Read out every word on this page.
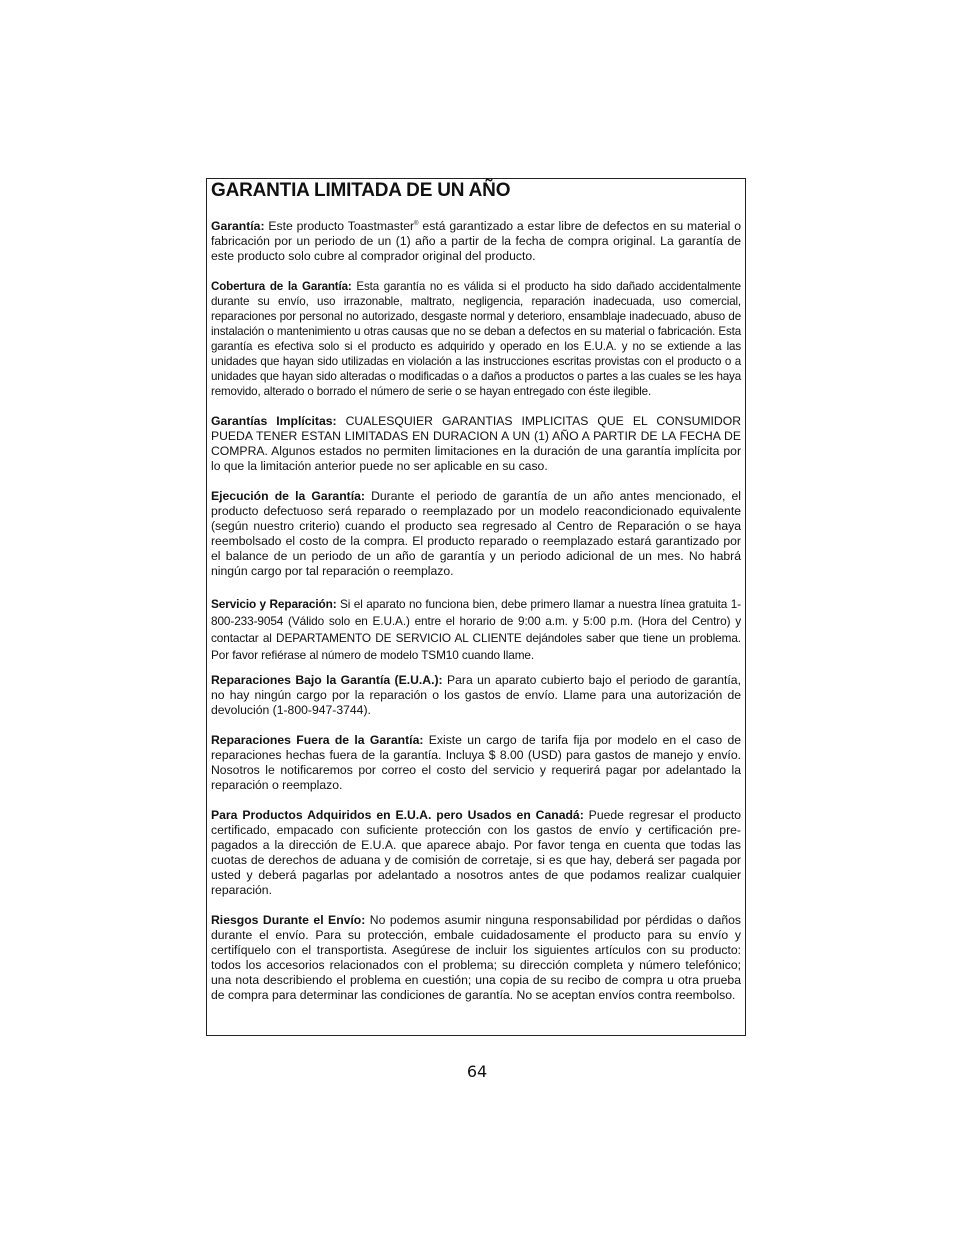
GARANTIA LIMITADA DE UN AÑO

Garantía: Este producto Toastmaster® está garantizado a estar libre de defectos en su material o fabricación por un periodo de un (1) año a partir de la fecha de compra original. La garantía de este producto solo cubre al comprador original del producto.

Cobertura de la Garantía: Esta garantía no es válida si el producto ha sido dañado accidentalmente durante su envío, uso irrazonable, maltrato, negligencia, reparación inadecuada, uso comercial, reparaciones por personal no autorizado, desgaste normal y deterioro, ensamblaje inadecuado, abuso de instalación o mantenimiento u otras causas que no se deban a defectos en su material o fabricación. Esta garantía es efectiva solo si el producto es adquirido y operado en los E.U.A. y no se extiende a las unidades que hayan sido utilizadas en violación a las instrucciones escritas provistas con el producto o a unidades que hayan sido alteradas o modificadas o a daños a productos o partes a las cuales se les haya removido, alterado o borrado el número de serie o se hayan entregado con éste ilegible.

Garantías Implícitas: CUALESQUIER GARANTIAS IMPLICITAS QUE EL CONSUMIDOR PUEDA TENER ESTAN LIMITADAS EN DURACION A UN (1) AÑO A PARTIR DE LA FECHA DE COMPRA. Algunos estados no permiten limitaciones en la duración de una garantía implícita por lo que la limitación anterior puede no ser aplicable en su caso.

Ejecución de la Garantía: Durante el periodo de garantía de un año antes mencionado, el producto defectuoso será reparado o reemplazado por un modelo reacondicionado equivalente (según nuestro criterio) cuando el producto sea regresado al Centro de Reparación o se haya reembolsado el costo de la compra. El producto reparado o reemplazado estará garantizado por el balance de un periodo de un año de garantía y un periodo adicional de un mes. No habrá ningún cargo por tal reparación o reemplazo.

Servicio y Reparación: Si el aparato no funciona bien, debe primero llamar a nuestra línea gratuita 1-800-233-9054 (Válido solo en E.U.A.) entre el horario de 9:00 a.m. y 5:00 p.m. (Hora del Centro) y contactar al DEPARTAMENTO DE SERVICIO AL CLIENTE dejándoles saber que tiene un problema. Por favor refiérase al número de modelo TSM10 cuando llame.

Reparaciones Bajo la Garantía (E.U.A.): Para un aparato cubierto bajo el periodo de garantía, no hay ningún cargo por la reparación o los gastos de envío. Llame para una autorización de devolución (1-800-947-3744).

Reparaciones Fuera de la Garantía: Existe un cargo de tarifa fija por modelo en el caso de reparaciones hechas fuera de la garantía. Incluya $ 8.00 (USD) para gastos de manejo y envío. Nosotros le notificaremos por correo el costo del servicio y requerirá pagar por adelantado la reparación o reemplazo.

Para Productos Adquiridos en E.U.A. pero Usados en Canadá: Puede regresar el producto certificado, empacado con suficiente protección con los gastos de envío y certificación pre-pagados a la dirección de E.U.A. que aparece abajo. Por favor tenga en cuenta que todas las cuotas de derechos de aduana y de comisión de corretaje, si es que hay, deberá ser pagada por usted y deberá pagarlas por adelantado a nosotros antes de que podamos realizar cualquier reparación.

Riesgos Durante el Envío: No podemos asumir ninguna responsabilidad por pérdidas o daños durante el envío. Para su protección, embale cuidadosamente el producto para su envío y certifíquelo con el transportista. Asegúrese de incluir los siguientes artículos con su producto: todos los accesorios relacionados con el problema; su dirección completa y número telefónico; una nota describiendo el problema en cuestión; una copia de su recibo de compra u otra prueba de compra para determinar las condiciones de garantía. No se aceptan envíos contra reembolso.

64
